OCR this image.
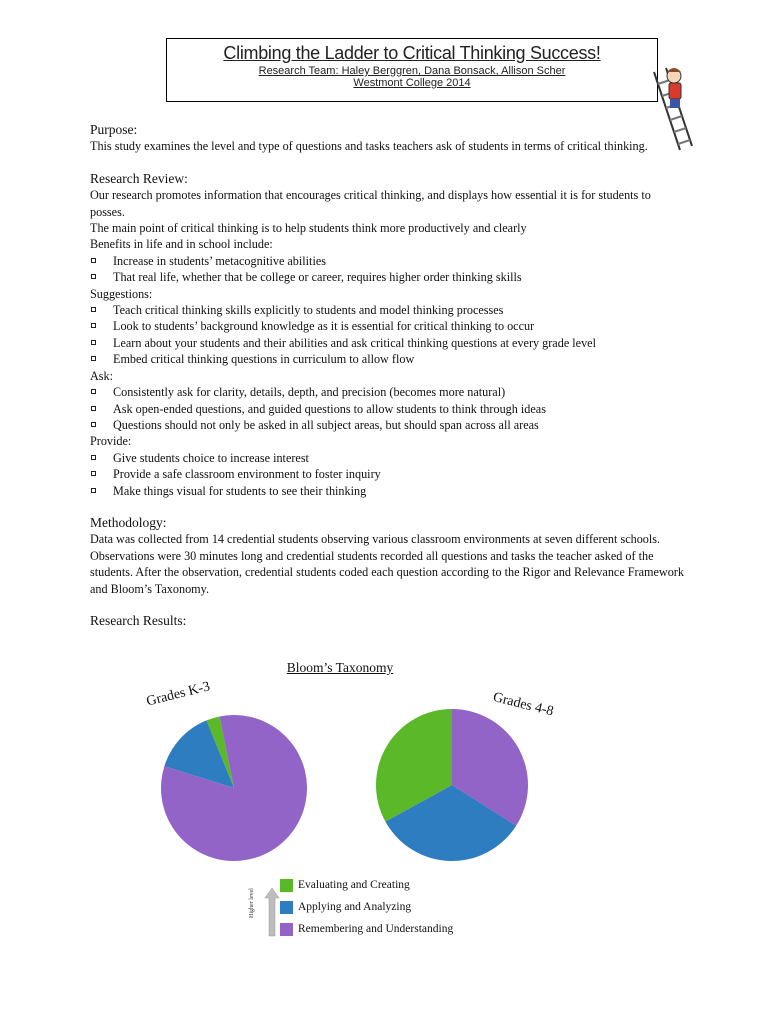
Climbing the Ladder to Critical Thinking Success!
Research Team: Haley Berggren, Dana Bonsack, Allison Scher
Westmont College 2014

Purpose:

This study examines the level and type of questions and tasks teachers ask of students in terms of critical thinking.

Research Review:

Our research promotes information that encourages critical thinking, and displays how essential it is for students to posses.

The main point of critical thinking is to help students think more productively and clearly

Benefits in life and in school include:

Increase in students’ metacognitive abilities
That real life, whether that be college or career, requires higher order thinking skills

Suggestions:

Teach critical thinking skills explicitly to students and model thinking processes
Look to students’ background knowledge as it is essential for critical thinking to occur
Learn about your students and their abilities and ask critical thinking questions at every grade level
Embed critical thinking questions in curriculum to allow flow

Ask:

Consistently ask for clarity, details, depth, and precision (becomes more natural)
Ask open-ended questions, and guided questions to allow students to think through ideas
Questions should not only be asked in all subject areas, but should span across all areas

Provide:

Give students choice to increase interest
Provide a safe classroom environment to foster inquiry
Make things visual for students to see their thinking

Methodology:

Data was collected from 14 credential students observing various classroom environments at seven different schools. Observations were 30 minutes long and credential students recorded all questions and tasks the teacher asked of the students. After the observation, credential students coded each question according to the Rigor and Relevance Framework and Bloom’s Taxonomy.

Research Results:

Bloom’s Taxonomy
Grades K-3	Grades 4-8
Higher level
Evaluating and Creating
Applying and Analyzing
Remembering and Understanding
